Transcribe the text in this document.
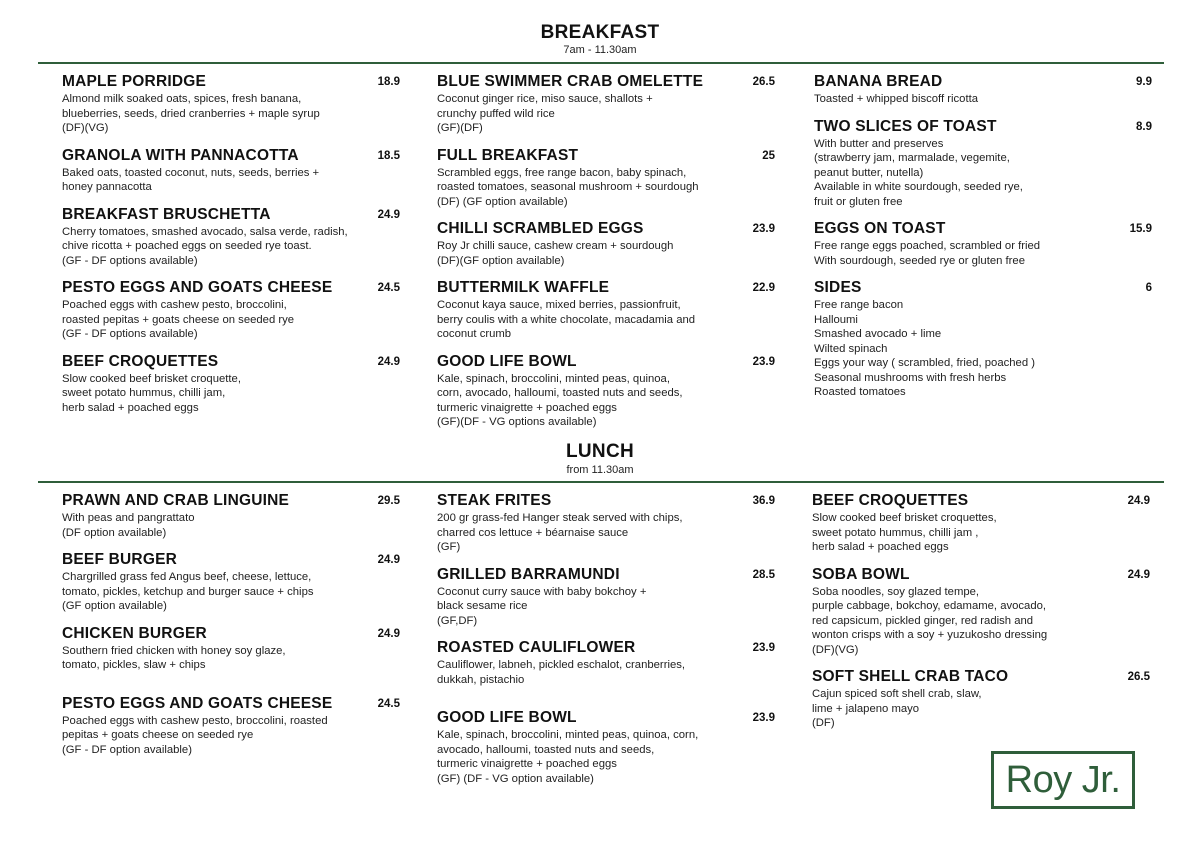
BREAKFAST
7am - 11.30am
MAPLE PORRIDGE	18.9
Almond milk soaked oats, spices, fresh banana,
blueberries, seeds, dried cranberries + maple syrup
(DF)(VG)
GRANOLA WITH PANNACOTTA	18.5
Baked oats, toasted coconut, nuts, seeds, berries +
honey pannacotta
BREAKFAST BRUSCHETTA	24.9
Cherry tomatoes, smashed avocado, salsa verde, radish,
chive ricotta + poached eggs on seeded rye toast.
(GF - DF options available)
PESTO EGGS AND GOATS CHEESE	24.5
Poached eggs with cashew pesto, broccolini,
roasted pepitas + goats cheese on seeded rye
(GF - DF options available)
BEEF CROQUETTES	24.9
Slow cooked beef brisket croquette,
sweet potato hummus, chilli jam,
herb salad + poached eggs
BLUE SWIMMER CRAB OMELETTE	26.5
Coconut ginger rice, miso sauce, shallots +
crunchy puffed wild rice
(GF)(DF)
FULL BREAKFAST	25
Scrambled eggs, free range bacon, baby spinach,
roasted tomatoes, seasonal mushroom + sourdough
(DF) (GF option available)
CHILLI SCRAMBLED EGGS	23.9
Roy Jr chilli sauce, cashew cream + sourdough
(DF)(GF option available)
BUTTERMILK WAFFLE	22.9
Coconut kaya sauce, mixed berries, passionfruit,
berry coulis with a white chocolate, macadamia and
coconut crumb
GOOD LIFE BOWL	23.9
Kale, spinach, broccolini, minted peas, quinoa,
corn, avocado, halloumi, toasted nuts and seeds,
turmeric vinaigrette + poached eggs
(GF)(DF - VG options available)
BANANA BREAD	9.9
Toasted + whipped biscoff ricotta
TWO SLICES OF TOAST	8.9
With butter and preserves
(strawberry jam, marmalade, vegemite,
peanut butter, nutella)
Available in white sourdough, seeded rye,
fruit or gluten free
EGGS ON TOAST	15.9
Free range eggs poached, scrambled or fried
With sourdough, seeded rye or gluten free
SIDES	6
Free range bacon
Halloumi
Smashed avocado + lime
Wilted spinach
Eggs your way ( scrambled, fried, poached )
Seasonal mushrooms with fresh herbs
Roasted tomatoes
LUNCH
from 11.30am
PRAWN AND CRAB LINGUINE	29.5
With peas and pangrattato
(DF option available)
BEEF BURGER	24.9
Chargrilled grass fed Angus beef, cheese, lettuce,
tomato, pickles, ketchup and burger sauce + chips
(GF option available)
CHICKEN BURGER	24.9
Southern fried chicken with honey soy glaze,
tomato, pickles, slaw + chips
PESTO EGGS AND GOATS CHEESE	24.5
Poached eggs with cashew pesto, broccolini, roasted
pepitas + goats cheese on seeded rye
(GF - DF option available)
STEAK FRITES	36.9
200 gr grass-fed Hanger steak served with chips,
charred cos lettuce + béarnaise sauce
(GF)
GRILLED BARRAMUNDI	28.5
Coconut curry sauce with baby bokchoy +
black sesame rice
(GF,DF)
ROASTED CAULIFLOWER	23.9
Cauliflower, labneh, pickled eschalot, cranberries,
dukkah, pistachio
GOOD LIFE BOWL	23.9
Kale, spinach, broccolini, minted peas, quinoa, corn,
avocado, halloumi, toasted nuts and seeds,
turmeric vinaigrette + poached eggs
(GF) (DF - VG option available)
BEEF CROQUETTES	24.9
Slow cooked beef brisket croquettes,
sweet potato hummus, chilli jam ,
herb salad + poached eggs
SOBA BOWL	24.9
Soba noodles, soy glazed tempe,
purple cabbage, bokchoy, edamame, avocado,
red capsicum, pickled ginger, red radish and
wonton crisps with a soy + yuzukosho dressing
(DF)(VG)
SOFT SHELL CRAB TACO	26.5
Cajun spiced soft shell crab, slaw,
lime + jalapeno mayo
(DF)
Roy Jr.
